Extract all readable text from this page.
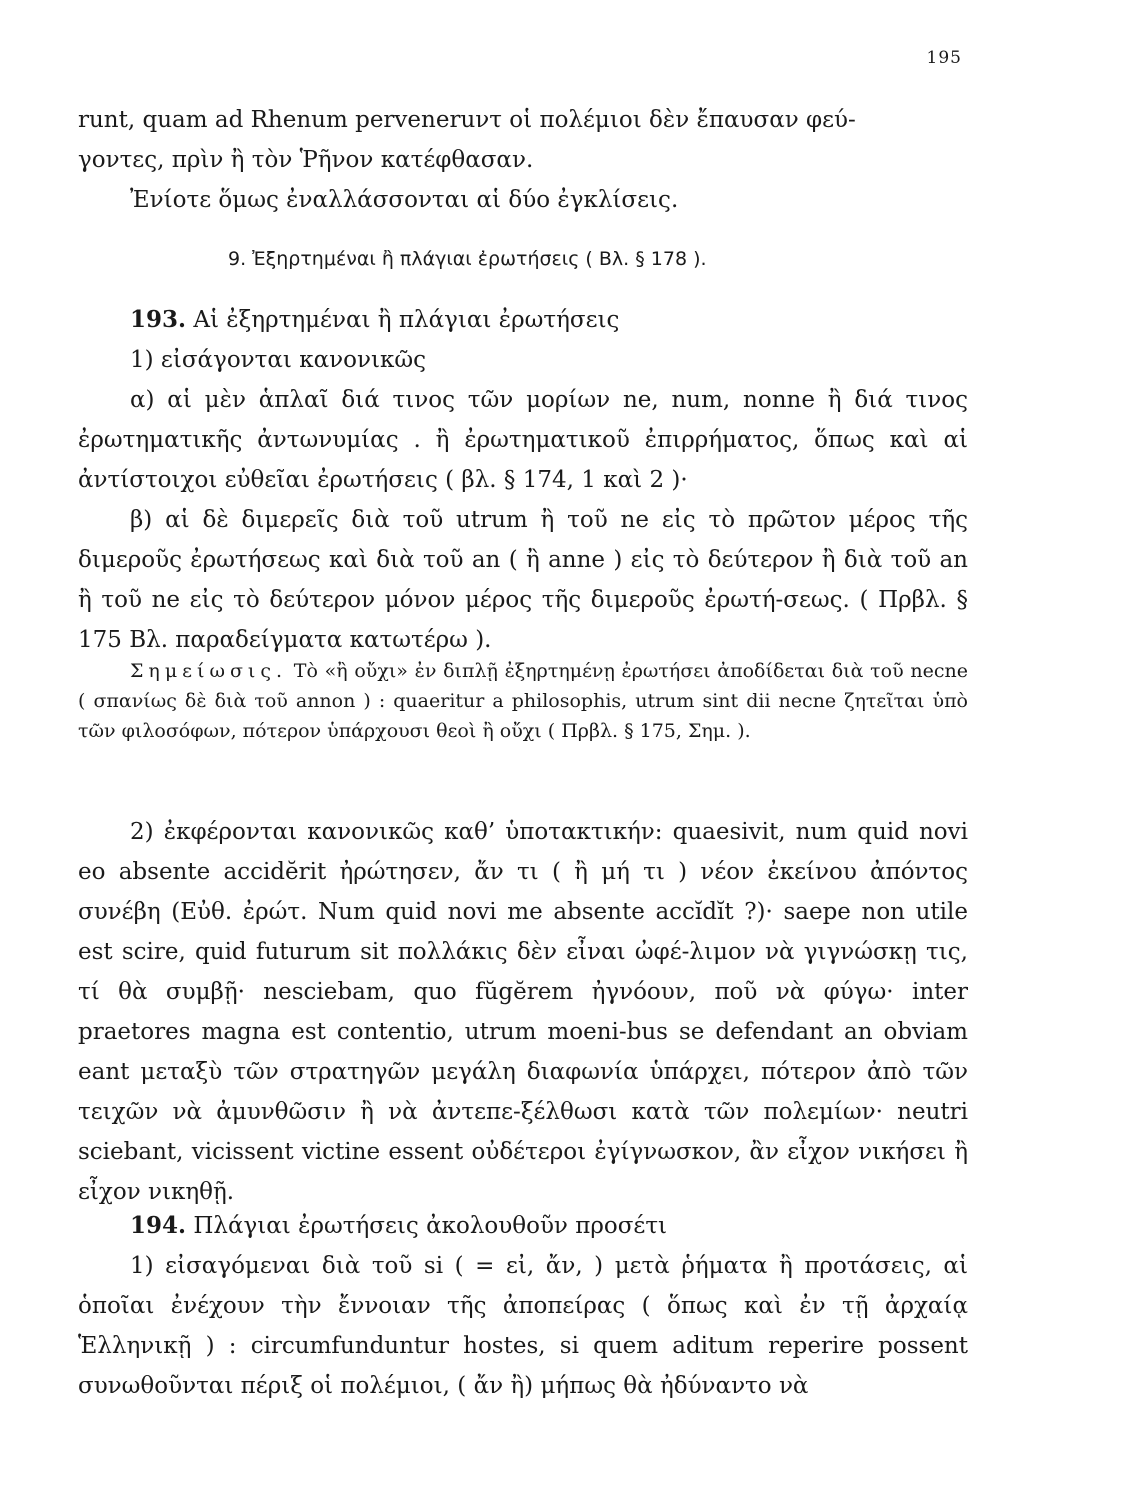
195

runt, quam ad Rhenum perveneruντ οἱ πολέμιοι δὲν ἔπαυσαν φεύ-

γοντες, πρὶν ἢ τὸν Ῥῆνον κατέφθασαν.

Ἐνίοτε ὅμως ἐναλλάσσονται αἱ δύο ἐγκλίσεις.

9. Ἐξηρτημέναι ἢ πλάγιαι ἐρωτήσεις ( Βλ. § 178 ).

193. Αἱ ἐξηρτημέναι ἢ πλάγιαι ἐρωτήσεις

1) εἰσάγονται κανονικῶς

α) αἱ μὲν ἁπλαῖ διά τινος τῶν μορίων ne, num, nonne ἢ διά τινος ἐρωτηματικῆς ἀντωνυμίας . ἢ ἐρωτηματικοῦ ἐπιρρήματος, ὅπως καὶ αἱ ἀντίστοιχοι εὐθεῖαι ἐρωτήσεις ( βλ. § 174, 1 καὶ 2 )·

β) αἱ δὲ διμερεῖς διὰ τοῦ utrum ἢ τοῦ ne εἰς τὸ πρῶτον μέρος τῆς διμεροῦς ἐρωτήσεως καὶ διὰ τοῦ an ( ἢ anne ) εἰς τὸ δεύτερον ἢ διὰ τοῦ an ἢ τοῦ ne εἰς τὸ δεύτερον μόνον μέρος τῆς διμεροῦς ἐρωτή-σεως. ( Πρβλ. § 175 Βλ. παραδείγματα κατωτέρω ).

Σημείωσις. Τὸ «ἢ οὔχι» ἐν διπλῇ ἐξηρτημένῃ ἐρωτήσει ἀποδίδεται διὰ τοῦ necne ( σπανίως δὲ διὰ τοῦ annon ) : quaeritur a philosophis, utrum sint dii necne ζητεῖται ὑπὸ τῶν φιλοσόφων, πότερον ὑπάρχουσι θεοὶ ἢ οὔχι ( Πρβλ. § 175, Σημ. ).

2) ἐκφέρονται κανονικῶς καθ’ ὑποτακτικήν: quaesivit, num quid novi eo absente accidĕrit ἠρώτησεν, ἄν τι ( ἢ μή τι ) νέον ἐκείνου ἀπόντος συνέβη (Εὐθ. ἐρώτ. Num quid novi me absente accĭdĭt ?)· saepe non utile est scire, quid futurum sit πολλάκις δὲν εἶναι ὠφέ-λιμον νὰ γιγνώσκῃ τις, τί θὰ συμβῇ· nesciebam, quo fŭgĕrem ἠγνόουν, ποῦ νὰ φύγω· inter praetores magna est contentio, utrum moeni-bus se defendant an obviam eant μεταξὺ τῶν στρατηγῶν μεγάλη διαφωνία ὑπάρχει, πότερον ἀπὸ τῶν τειχῶν νὰ ἀμυνθῶσιν ἢ νὰ ἀντεπε-ξέλθωσι κατὰ τῶν πολεμίων· neutri sciebant, vicissent victine essent οὐδέτεροι ἐγίγνωσκον, ἂν εἶχον νικήσει ἢ εἶχον νικηθῇ.

194. Πλάγιαι ἐρωτήσεις ἀκολουθοῦν προσέτι

1) εἰσαγόμεναι διὰ τοῦ si ( = εἰ, ἄν, ) μετὰ ῥήματα ἢ προτάσεις, αἱ ὁποῖαι ἐνέχουν τὴν ἔννοιαν τῆς ἀποπείρας ( ὅπως καὶ ἐν τῇ ἀρχαίᾳ Ἑλληνικῇ ) : circumfunduntur hostes, si quem aditum reperire possent συνωθοῦνται πέριξ οἱ πολέμιοι, ( ἄν ἢ) μήπως θὰ ἠδύναντο νὰ
